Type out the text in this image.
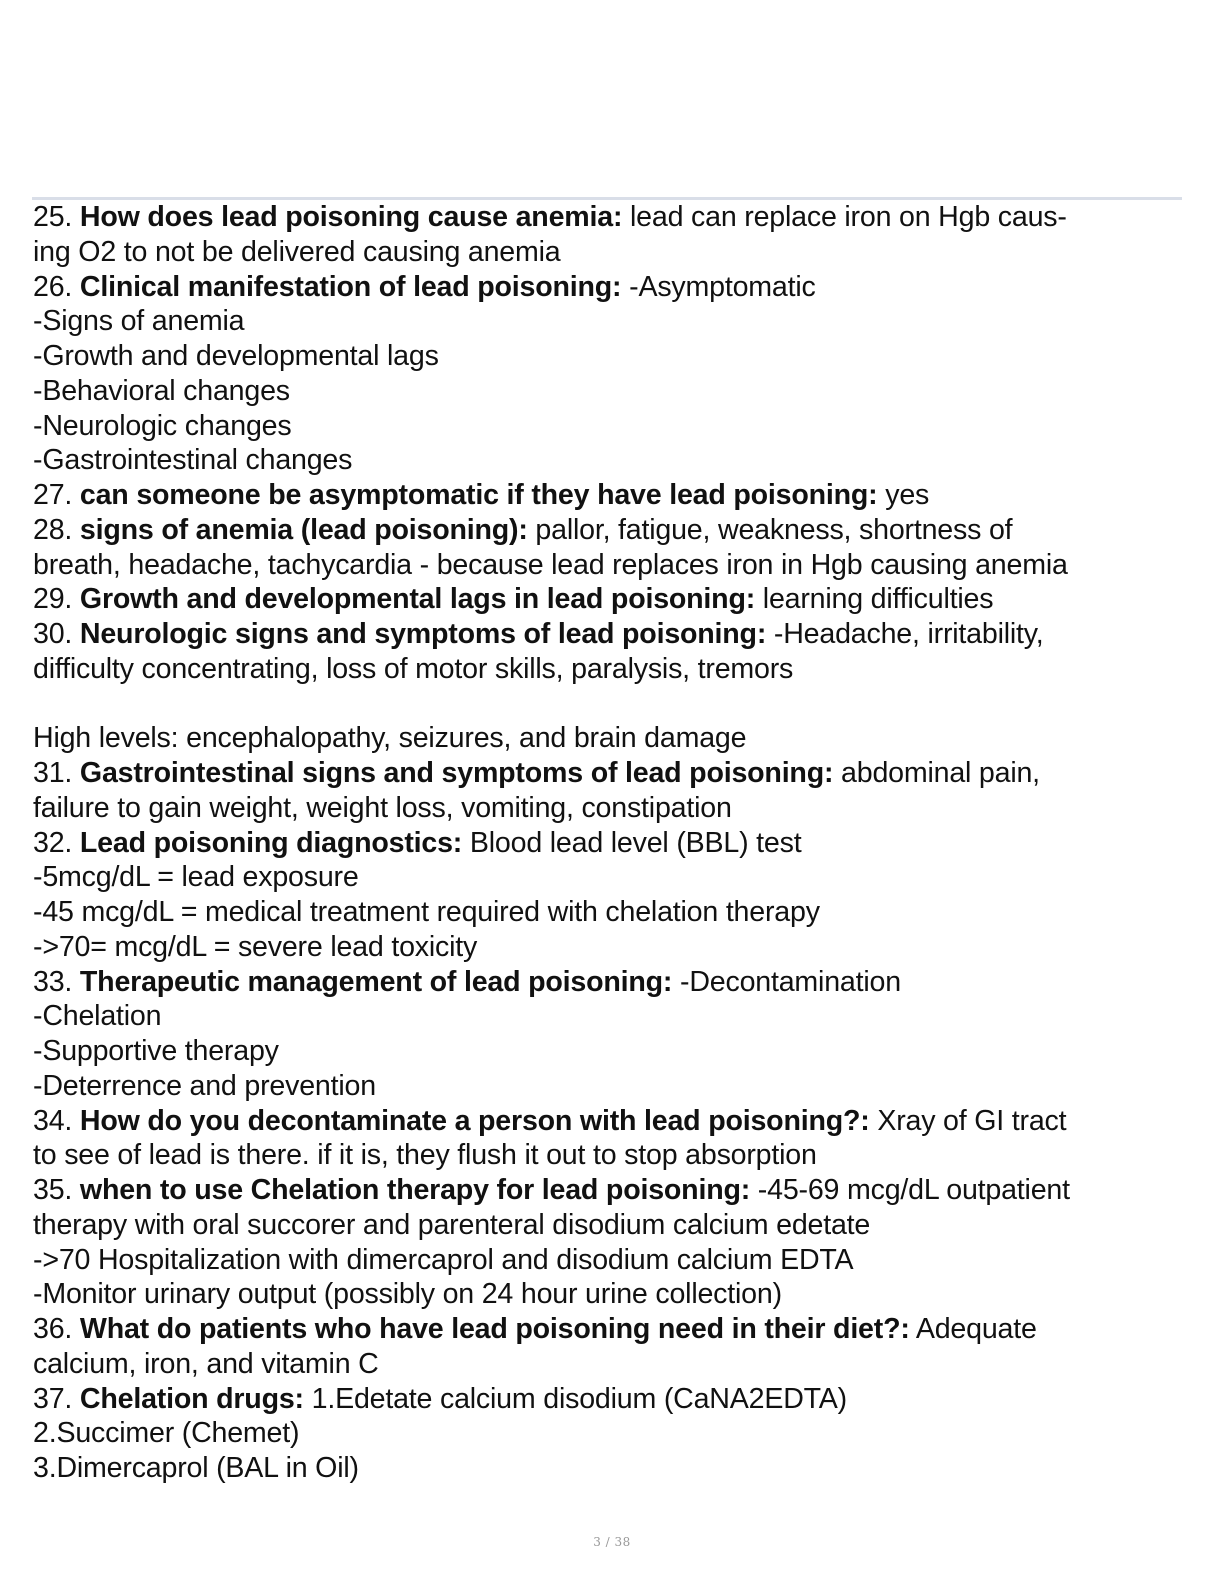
25. How does lead poisoning cause anemia: lead can replace iron on Hgb caus-
ing O2 to not be delivered causing anemia
26. Clinical manifestation of lead poisoning: -Asymptomatic
-Signs of anemia
-Growth and developmental lags
-Behavioral changes
-Neurologic changes
-Gastrointestinal changes
27. can someone be asymptomatic if they have lead poisoning: yes
28. signs of anemia (lead poisoning): pallor, fatigue, weakness, shortness of
breath, headache, tachycardia - because lead replaces iron in Hgb causing anemia
29. Growth and developmental lags in lead poisoning: learning difficulties
30. Neurologic signs and symptoms of lead poisoning: -Headache, irritability,
difficulty concentrating, loss of motor skills, paralysis, tremors
High levels: encephalopathy, seizures, and brain damage
31. Gastrointestinal signs and symptoms of lead poisoning: abdominal pain,
failure to gain weight, weight loss, vomiting, constipation
32. Lead poisoning diagnostics: Blood lead level (BBL) test
-5mcg/dL = lead exposure
-45 mcg/dL = medical treatment required with chelation therapy
->70= mcg/dL = severe lead toxicity
33. Therapeutic management of lead poisoning: -Decontamination
-Chelation
-Supportive therapy
-Deterrence and prevention
34. How do you decontaminate a person with lead poisoning?: Xray of GI tract
to see of lead is there. if it is, they flush it out to stop absorption
35. when to use Chelation therapy for lead poisoning: -45-69 mcg/dL outpatient
therapy with oral succorer and parenteral disodium calcium edetate
->70 Hospitalization with dimercaprol and disodium calcium EDTA
-Monitor urinary output (possibly on 24 hour urine collection)
36. What do patients who have lead poisoning need in their diet?: Adequate
calcium, iron, and vitamin C
37. Chelation drugs: 1.Edetate calcium disodium (CaNA2EDTA)
2.Succimer (Chemet)
3.Dimercaprol (BAL in Oil)
3 / 38
